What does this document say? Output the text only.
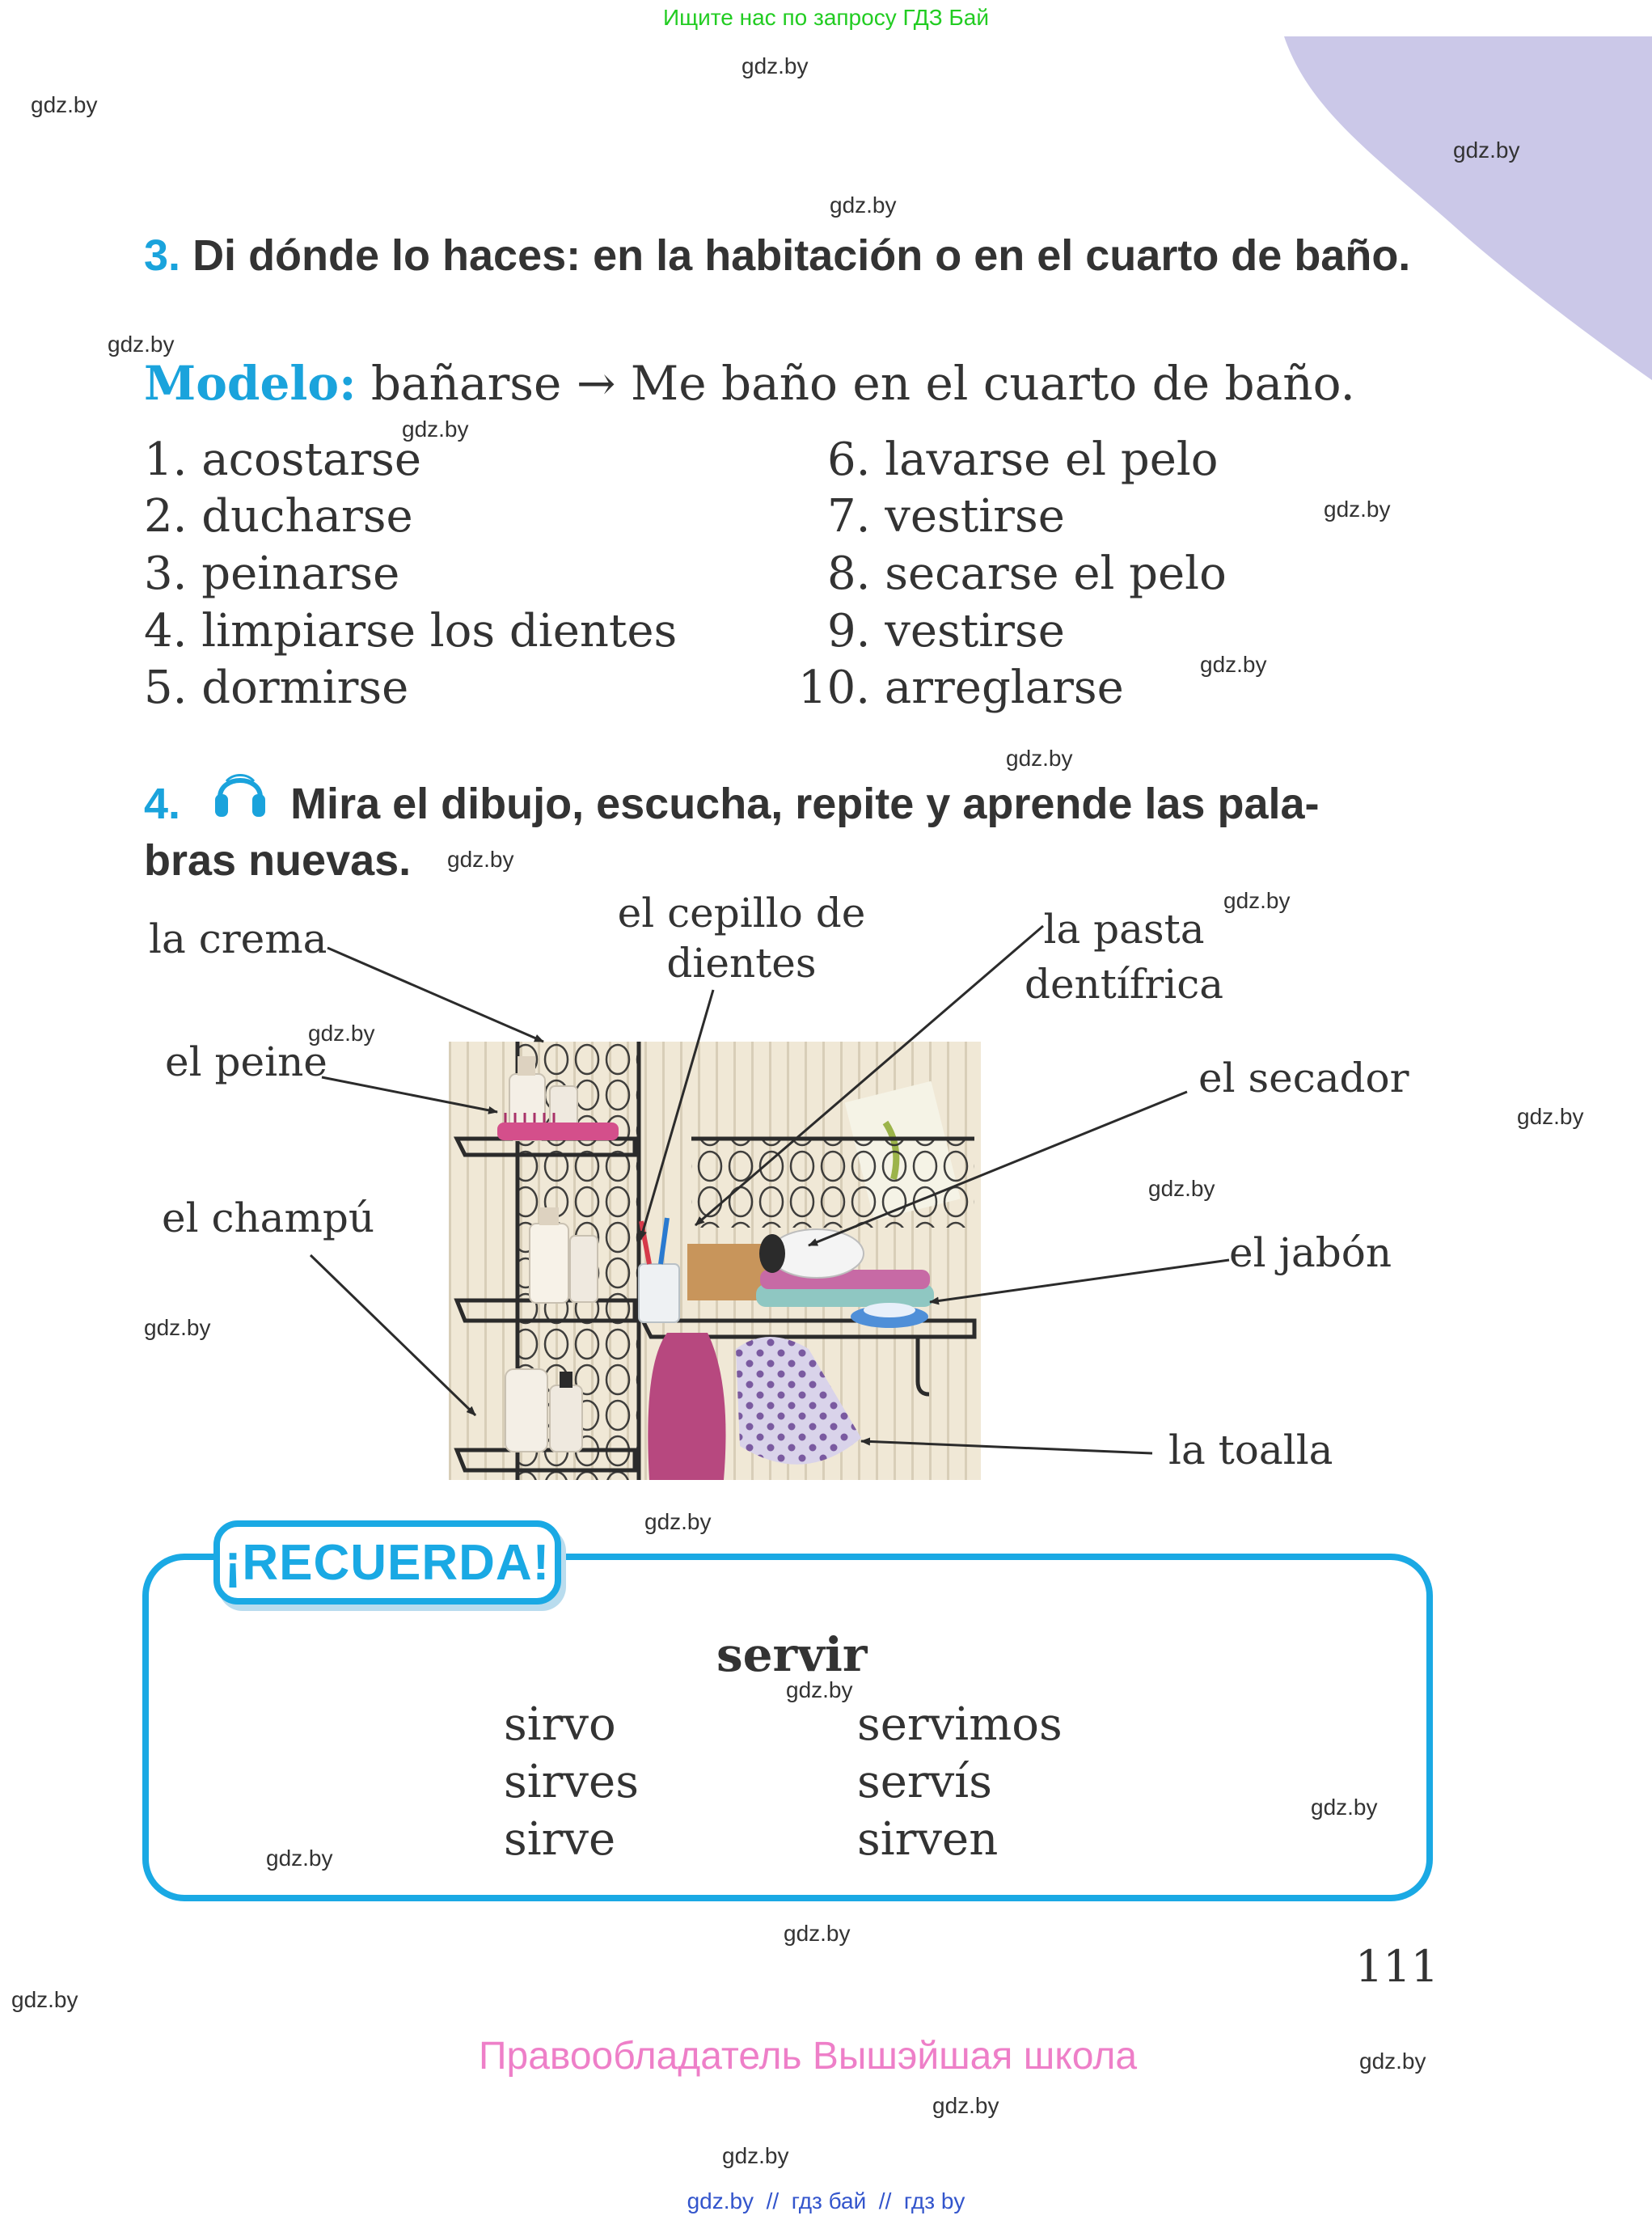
Ищите нас по запросу ГДЗ Бай
gdz.by
gdz.by
gdz.by
gdz.by
gdz.by
gdz.by
gdz.by
gdz.by
gdz.by
gdz.by
gdz.by
gdz.by
gdz.by
gdz.by
gdz.by
gdz.by
gdz.by
gdz.by
gdz.by
gdz.by
gdz.by
gdz.by
gdz.by
gdz.by
3. Di dónde lo haces: en la habitación o en el cuarto de baño.
Modelo: bañarse → Me baño en el cuarto de baño.
1. acostarse
2. ducharse
3. peinarse
4. limpiarse los dientes
5. dormirse
6. lavarse el pelo
7. vestirse
8. secarse el pelo
9. vestirse
10. arreglarse
4.	Mira el dibujo, escucha, repite y aprende las pala-
bras nuevas.
la crema
el peine
el champú
el cepillo de
dientes
la pasta
dentífrica
el secador
el jabón
la toalla
¡RECUERDA!
servir
sirvo
sirves
sirve
servimos
servís
sirven
111
Правообладатель Вышэйшая школа
gdz.by  //  гдз бай  //  гдз by
